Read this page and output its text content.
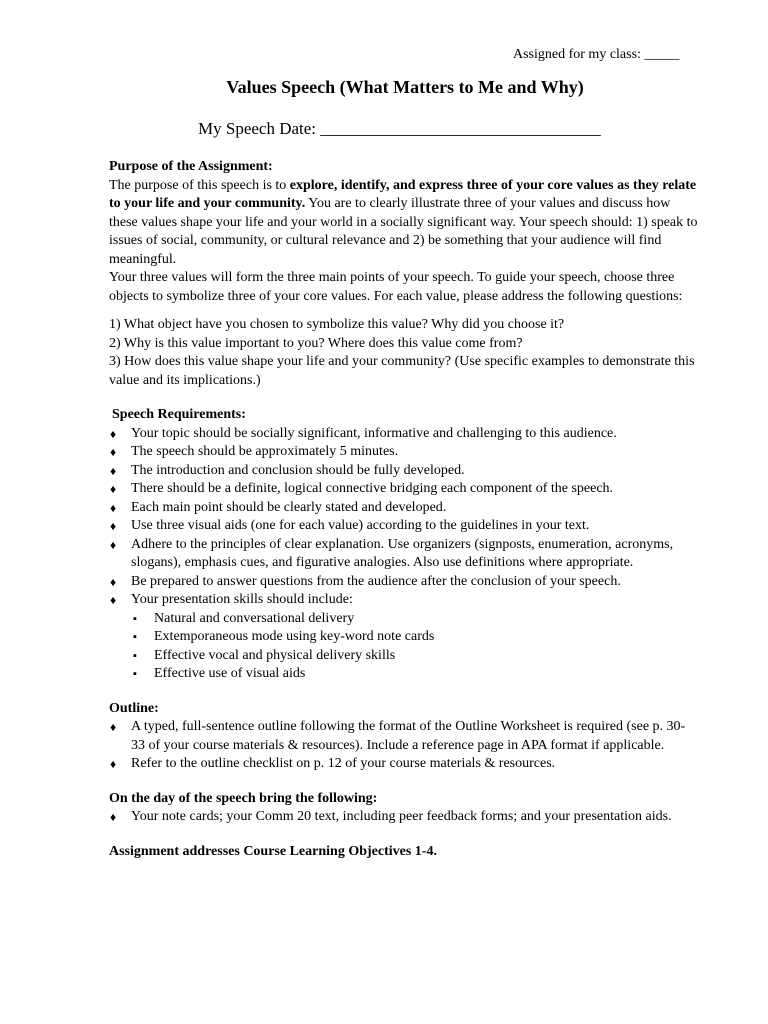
Assigned for my class: _____
Values Speech (What Matters to Me and Why)
My Speech Date: _________________________________

Purpose of the Assignment:

The purpose of this speech is to explore, identify, and express three of your core values as they relate to your life and your community. You are to clearly illustrate three of your values and discuss how these values shape your life and your world in a socially significant way. Your speech should: 1) speak to issues of social, community, or cultural relevance and 2) be something that your audience will find meaningful.

Your three values will form the three main points of your speech. To guide your speech, choose three objects to symbolize three of your core values. For each value, please address the following questions:

1) What object have you chosen to symbolize this value? Why did you choose it?

2) Why is this value important to you? Where does this value come from?

3) How does this value shape your life and your community? (Use specific examples to demonstrate this value and its implications.)

Speech Requirements:

♦ Your topic should be socially significant, informative and challenging to this audience.
♦ The speech should be approximately 5 minutes.
♦ The introduction and conclusion should be fully developed.
♦ There should be a definite, logical connective bridging each component of the speech.
♦ Each main point should be clearly stated and developed.
♦ Use three visual aids (one for each value) according to the guidelines in your text.
♦ Adhere to the principles of clear explanation. Use organizers (signposts, enumeration, acronyms, slogans), emphasis cues, and figurative analogies. Also use definitions where appropriate.
♦ Be prepared to answer questions from the audience after the conclusion of your speech.
♦ Your presentation skills should include:
▪ Natural and conversational delivery
▪ Extemporaneous mode using key-word note cards
▪ Effective vocal and physical delivery skills
▪ Effective use of visual aids

Outline:

♦ A typed, full-sentence outline following the format of the Outline Worksheet is required (see p. 30-33 of your course materials & resources). Include a reference page in APA format if applicable.
♦ Refer to the outline checklist on p. 12 of your course materials & resources.

On the day of the speech bring the following:

♦ Your note cards; your Comm 20 text, including peer feedback forms; and your presentation aids.

Assignment addresses Course Learning Objectives 1-4.
